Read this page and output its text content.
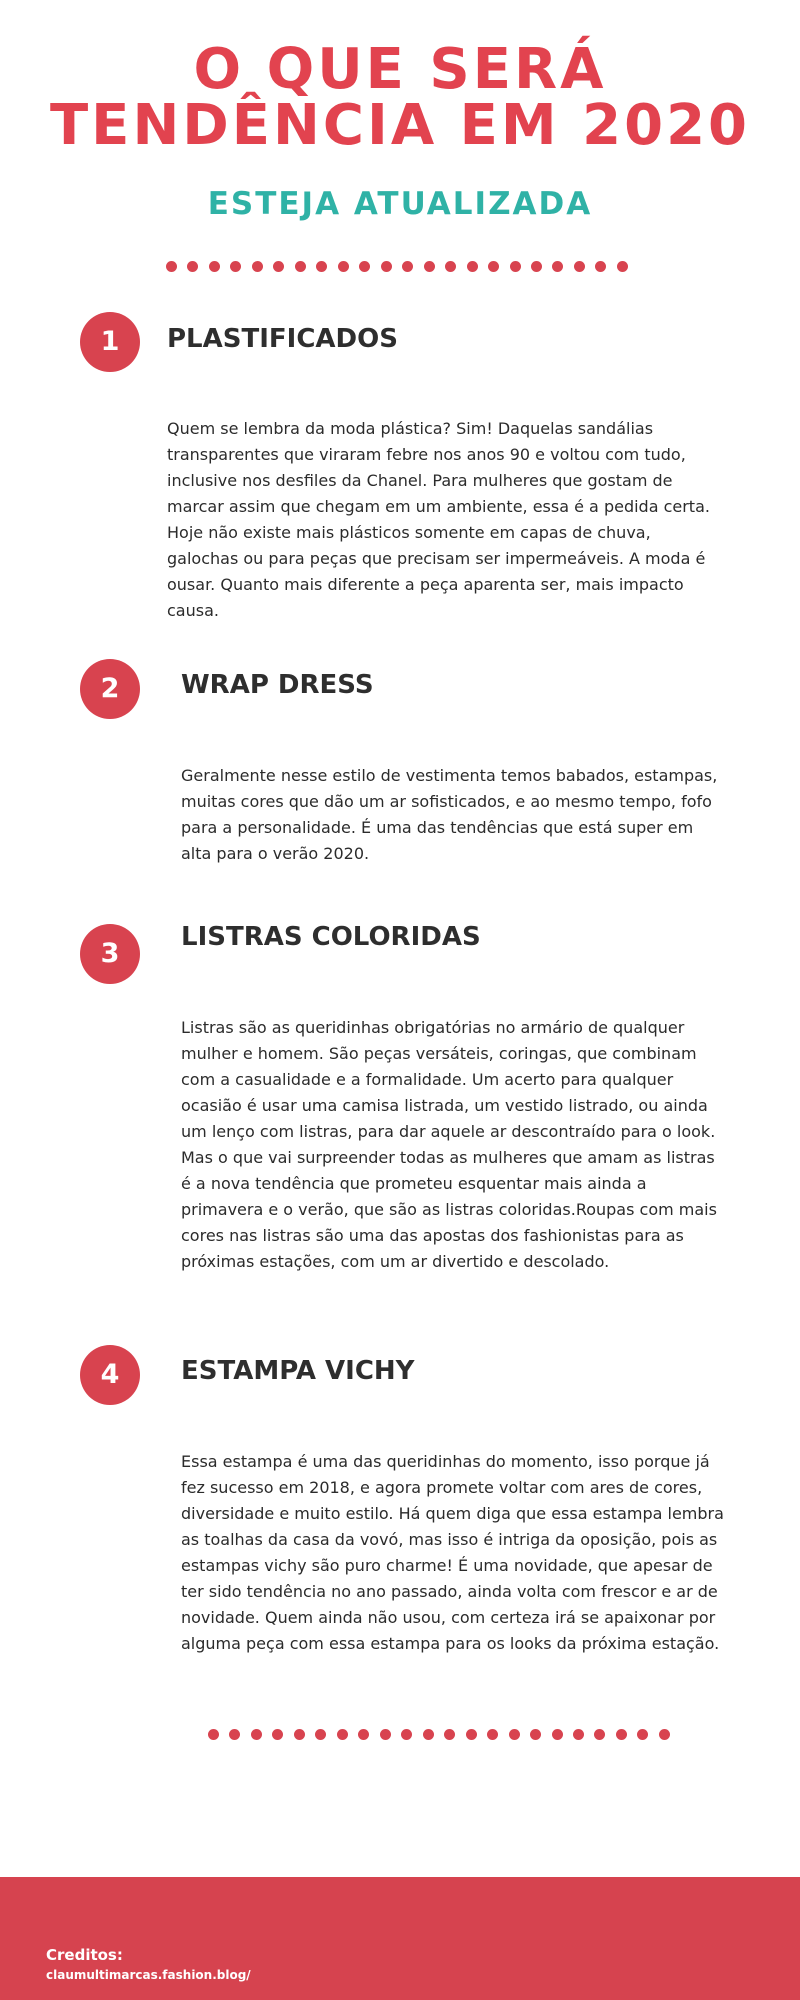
O QUE SERÁ
TENDÊNCIA EM 2020
ESTEJA ATUALIZADA
1	PLASTIFICADOS

Quem se lembra da moda plástica? Sim! Daquelas sandálias transparentes que viraram febre nos anos 90 e voltou com tudo, inclusive nos desfiles da Chanel. Para mulheres que gostam de marcar assim que chegam em um ambiente, essa é a pedida certa. Hoje não existe mais plásticos somente em capas de chuva, galochas ou para peças que precisam ser impermeáveis. A moda é ousar. Quanto mais diferente a peça aparenta ser, mais impacto causa.

2	WRAP DRESS

Geralmente nesse estilo de vestimenta temos babados, estampas, muitas cores que dão um ar sofisticados, e ao mesmo tempo, fofo para a personalidade. É uma das tendências que está super em alta para o verão 2020.

3
LISTRAS COLORIDAS

Listras são as queridinhas obrigatórias no armário de qualquer mulher e homem. São peças versáteis, coringas, que combinam com a casualidade e a formalidade. Um acerto para qualquer ocasião é usar uma camisa listrada, um vestido listrado, ou ainda um lenço com listras, para dar aquele ar descontraído para o look. Mas o que vai surpreender todas as mulheres que amam as listras é a nova tendência que prometeu esquentar mais ainda a primavera e o verão, que são as listras coloridas.Roupas com mais cores nas listras são uma das apostas dos fashionistas para as próximas estações, com um ar divertido e descolado.

4	ESTAMPA VICHY

Essa estampa é uma das queridinhas do momento, isso porque já fez sucesso em 2018, e agora promete voltar com ares de cores, diversidade e muito estilo. Há quem diga que essa estampa lembra as toalhas da casa da vovó, mas isso é intriga da oposição, pois as estampas vichy são puro charme! É uma novidade, que apesar de ter sido tendência no ano passado, ainda volta com frescor e ar de novidade. Quem ainda não usou, com certeza irá se apaixonar por alguma peça com essa estampa para os looks da próxima estação.

Creditos:
claumultimarcas.fashion.blog/
